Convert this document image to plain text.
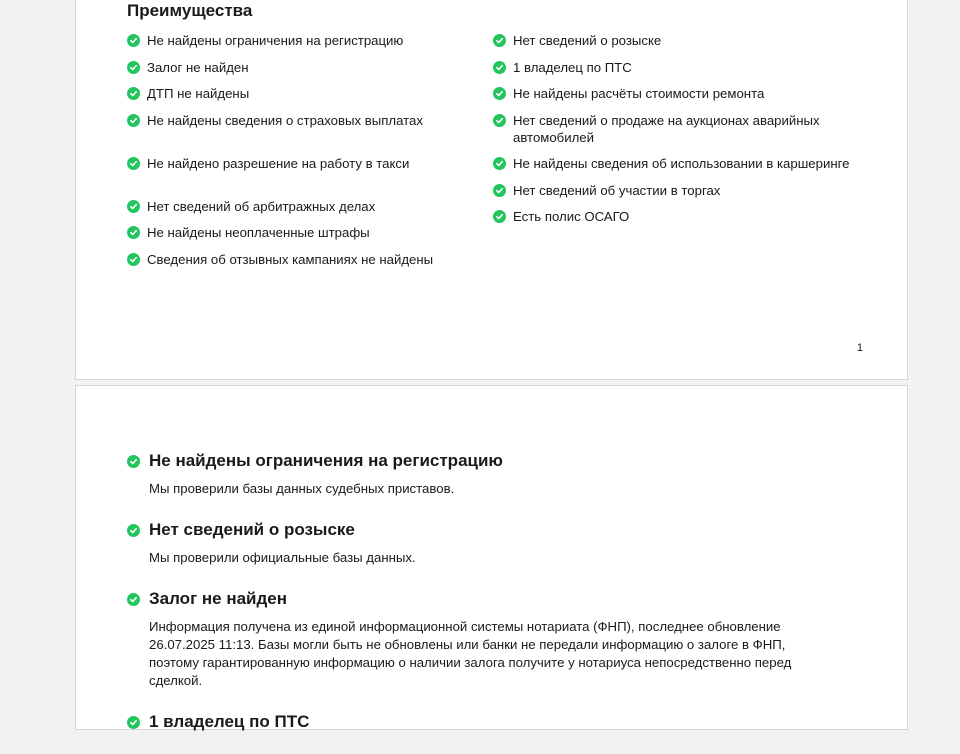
Преимущества
Не найдены ограничения на регистрацию
Залог не найден
ДТП не найдены
Не найдены сведения о страховых выплатах
Не найдено разрешение на работу в такси
Нет сведений об арбитражных делах
Не найдены неоплаченные штрафы
Сведения об отзывных кампаниях не найдены
Нет сведений о розыске
1 владелец по ПТС
Не найдены расчёты стоимости ремонта
Нет сведений о продаже на аукционах аварийных автомобилей
Не найдены сведения об использовании в каршеринге
Нет сведений об участии в торгах
Есть полис ОСАГО
1
Не найдены ограничения на регистрацию

Мы проверили базы данных судебных приставов.

Нет сведений о розыске

Мы проверили официальные базы данных.

Залог не найден

Информация получена из единой информационной системы нотариата (ФНП), последнее обновление 26.07.2025 11:13. Базы могли быть не обновлены или банки не передали информацию о залоге в ФНП, поэтому гарантированную информацию о наличии залога получите у нотариуса непосредственно перед сделкой.

1 владелец по ПТС
